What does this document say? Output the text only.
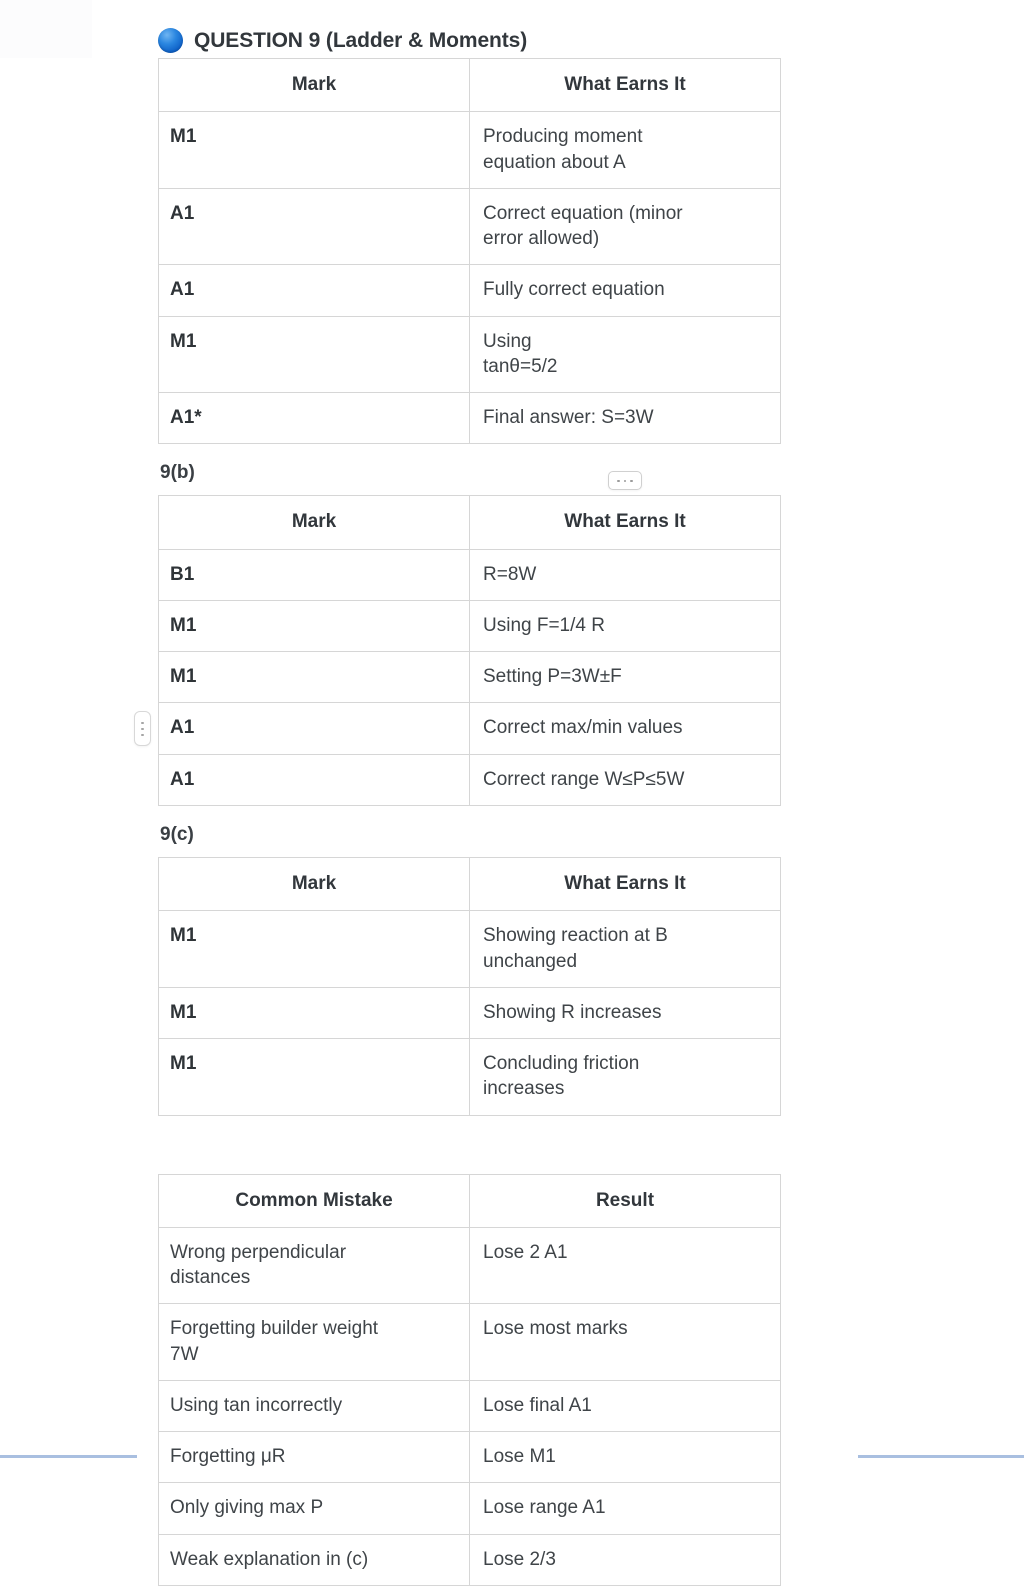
QUESTION 9 (Ladder & Moments)
Mark	What Earns It
M1	Producing moment
equation about A

A1	Correct equation (minor
error allowed)

A1	Fully correct equation
M1	Using
tanθ=5/2

A1*	Final answer: S=3W
9(b)
Mark	What Earns It
B1	R=8W
M1	Using F=1/4 R
M1	Setting P=3W±F
A1	Correct max/min values
A1	Correct range W≤P≤5W
9(c)
Mark	What Earns It
M1	Showing reaction at B
unchanged

M1	Showing R increases
M1	Concluding friction
increases
Common Mistake	Result

Wrong perpendicular
distances	Lose 2 A1

Forgetting builder weight
7W	Lose most marks
Using tan incorrectly	Lose final A1
Forgetting μR	Lose M1
Only giving max P	Lose range A1
Weak explanation in (c)	Lose 2/3
